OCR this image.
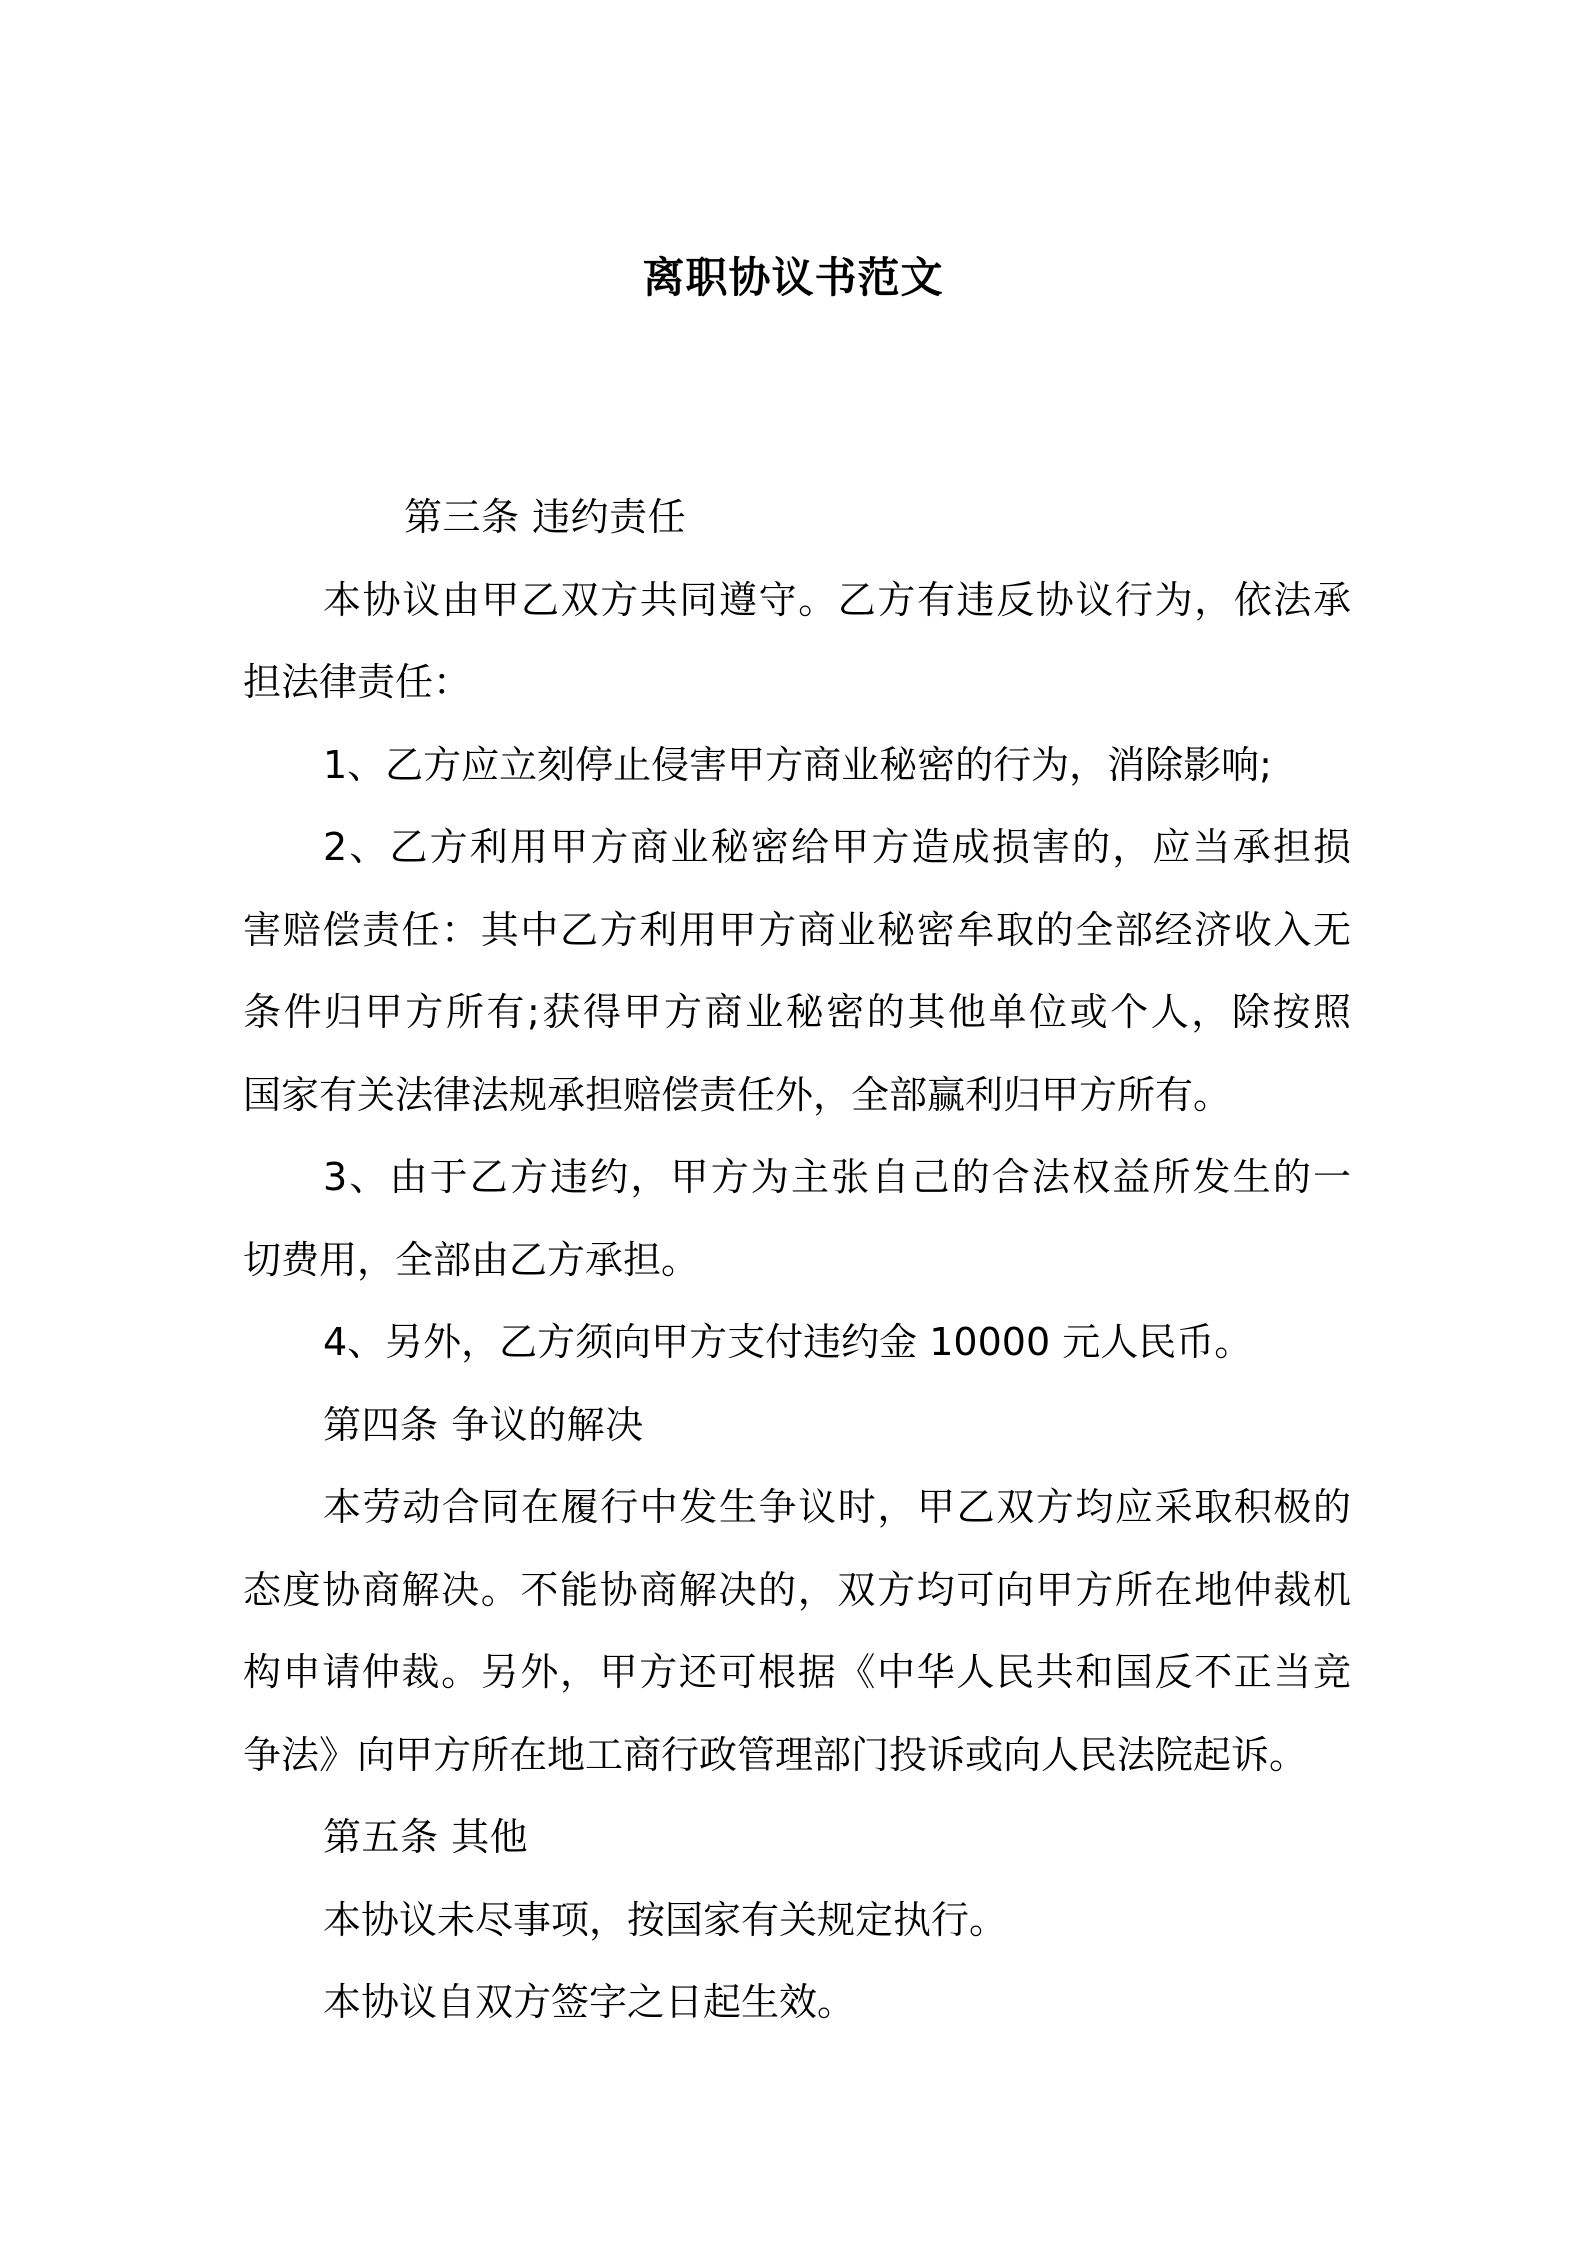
离职协议书范文

第三条 违约责任

本协议由甲乙双方共同遵守。乙方有违反协议行为，依法承

担法律责任：

1、乙方应立刻停止侵害甲方商业秘密的行为，消除影响;

2、乙方利用甲方商业秘密给甲方造成损害的，应当承担损

害赔偿责任：其中乙方利用甲方商业秘密牟取的全部经济收入无

条件归甲方所有;获得甲方商业秘密的其他单位或个人，除按照

国家有关法律法规承担赔偿责任外，全部赢利归甲方所有。

3、由于乙方违约，甲方为主张自己的合法权益所发生的一

切费用，全部由乙方承担。

4、另外，乙方须向甲方支付违约金 10000 元人民币。

第四条 争议的解决

本劳动合同在履行中发生争议时，甲乙双方均应采取积极的

态度协商解决。不能协商解决的，双方均可向甲方所在地仲裁机

构申请仲裁。另外，甲方还可根据《中华人民共和国反不正当竞

争法》向甲方所在地工商行政管理部门投诉或向人民法院起诉。

第五条 其他

本协议未尽事项，按国家有关规定执行。

本协议自双方签字之日起生效。
